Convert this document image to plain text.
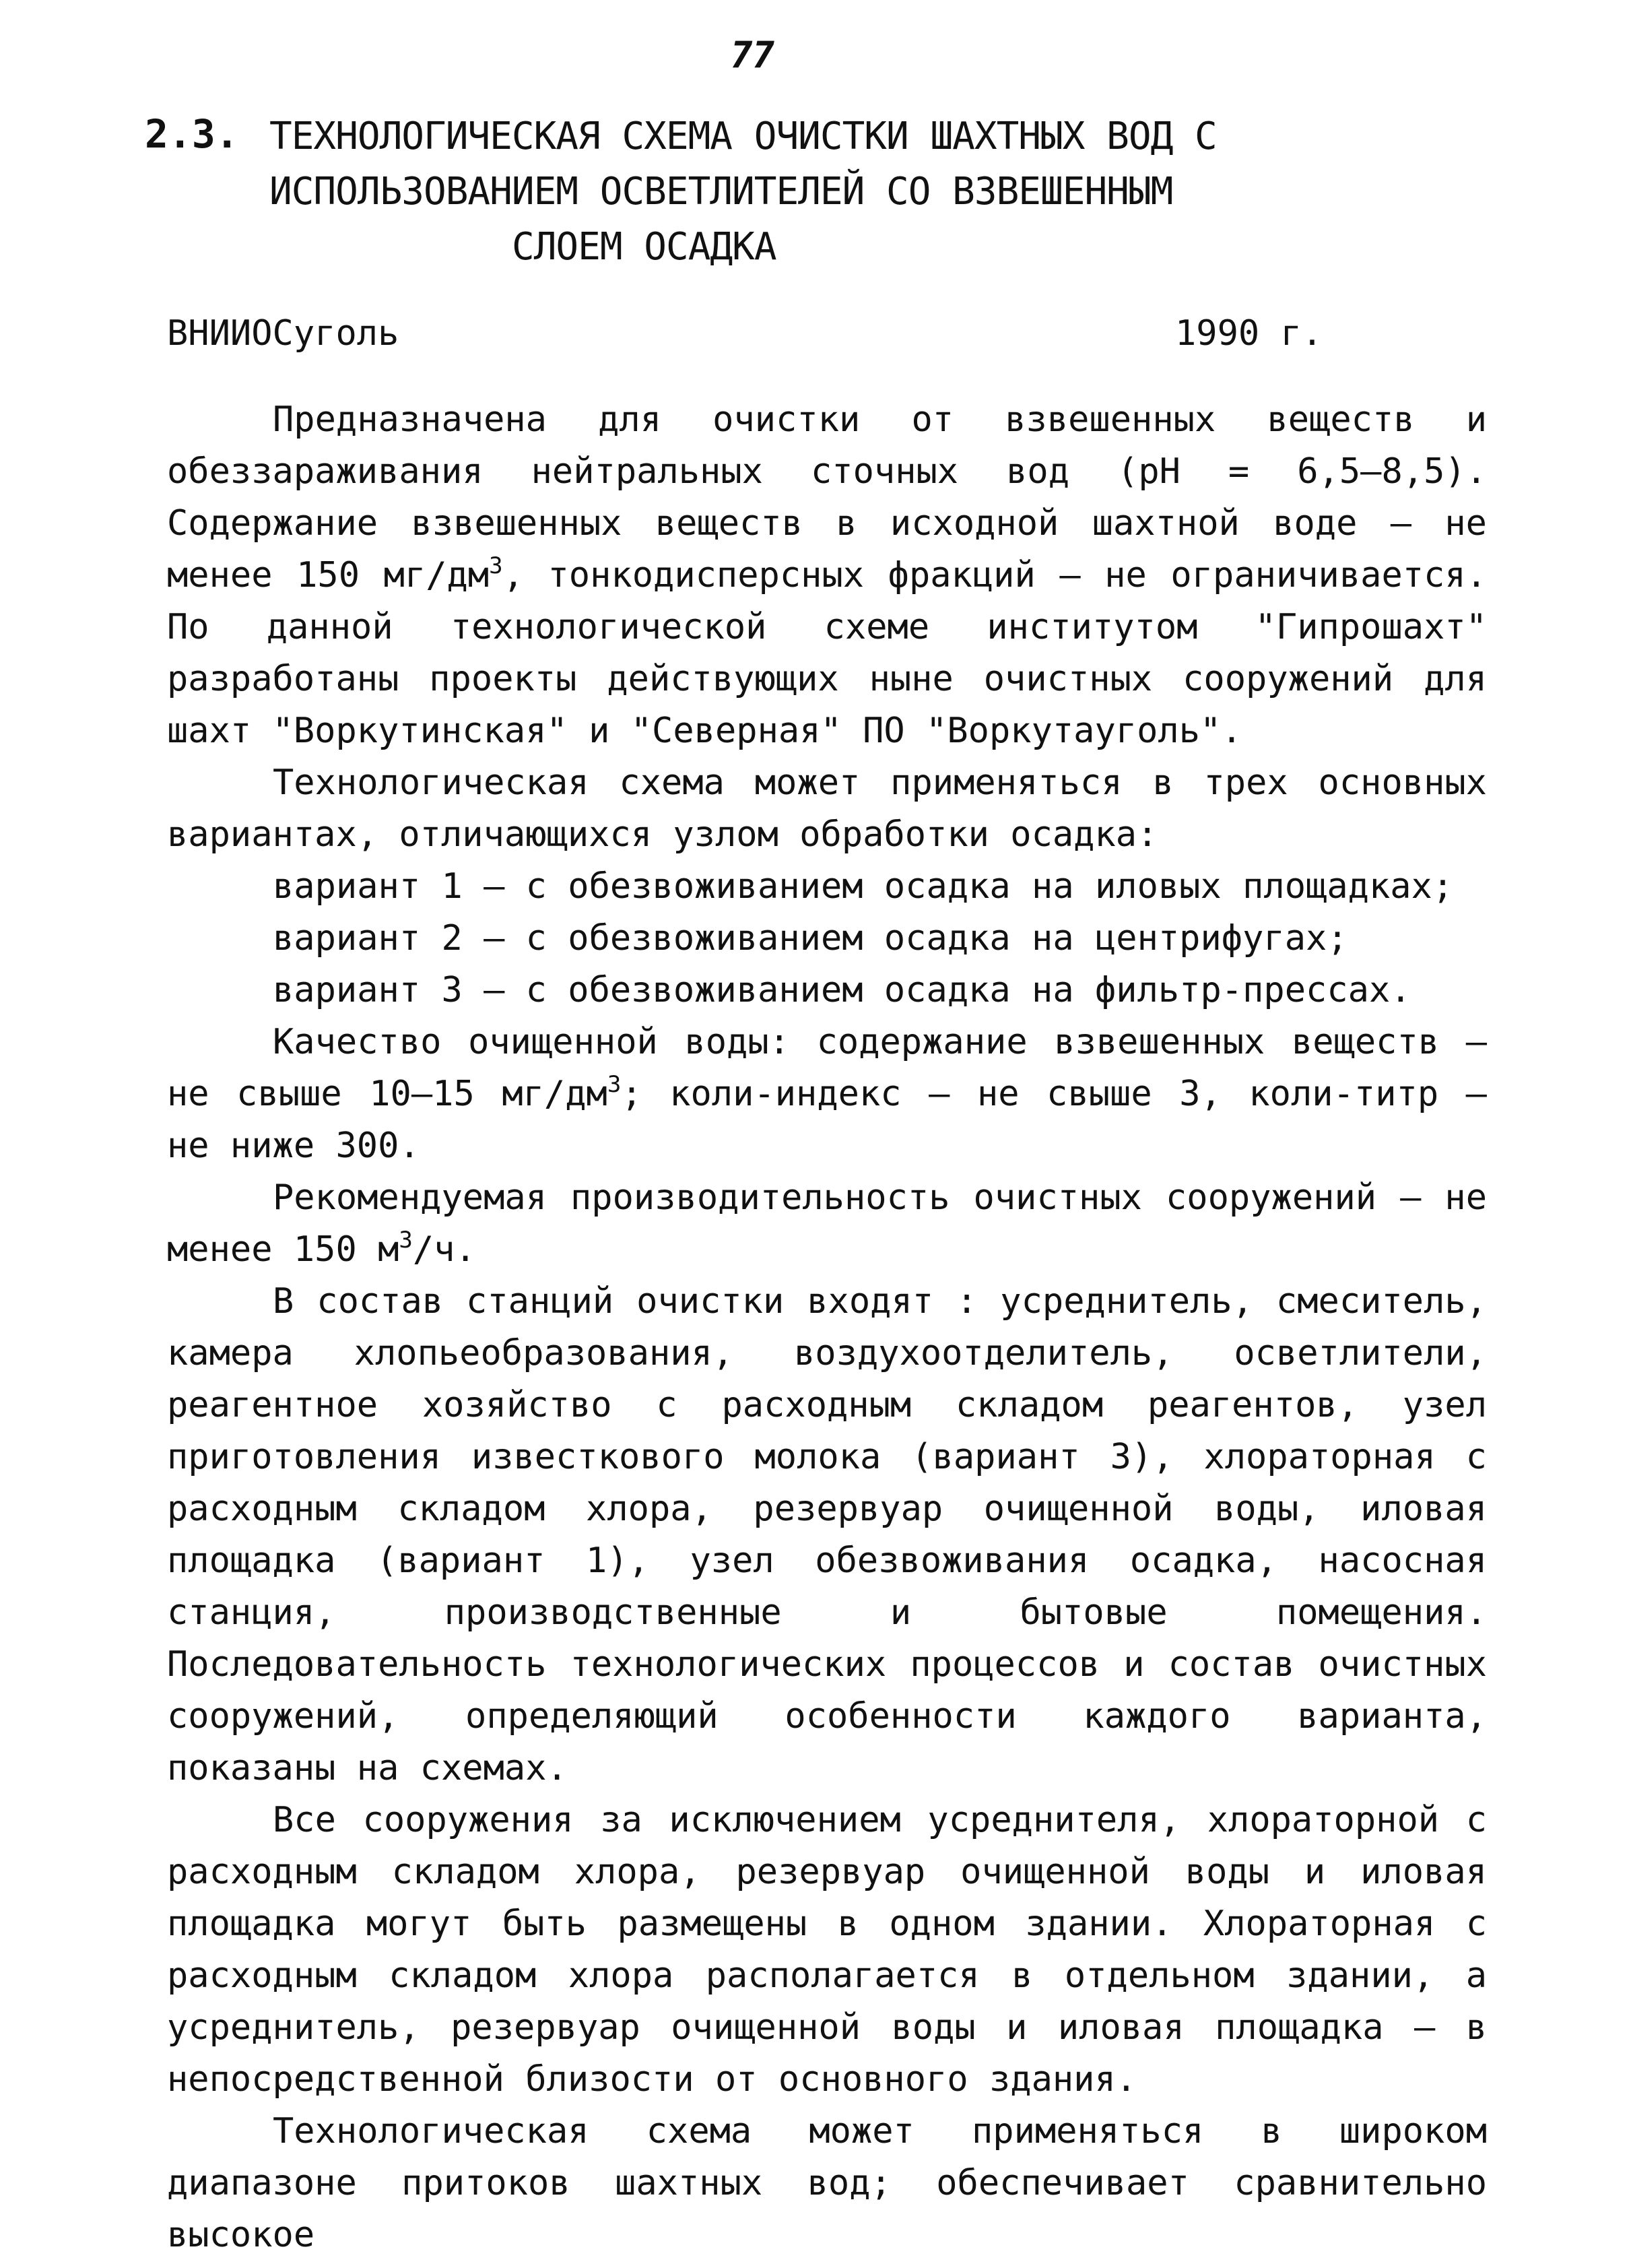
77
2.3. ТЕХНОЛОГИЧЕСКАЯ СХЕМА ОЧИСТКИ ШАХТНЫХ ВОД С
ИСПОЛЬЗОВАНИЕМ ОСВЕТЛИТЕЛЕЙ СО ВЗВЕШЕННЫМ
СЛОЕМ ОСАДКА
ВНИИОСуголь	1990 г.
Предназначена для очистки от взвешенных веществ и обеззараживания нейтральных сточных вод (рН = 6,5–8,5). Содержание взвешенных веществ в исходной шахтной воде – не менее 150 $мг/дм^3$, тонкодисперсных фракций – не ограничивается. По данной технологической схеме институтом "Гипрошахт" разработаны проекты действующих ныне очистных сооружений для шахт "Воркутинская" и "Северная" ПО "Воркутауголь".
Технологическая схема может применяться в трех основных вариантах, отличающихся узлом обработки осадка:
вариант 1 – с обезвоживанием осадка на иловых площадках;
вариант 2 – с обезвоживанием осадка на центрифугах;
вариант 3 – с обезвоживанием осадка на фильтр-прессах.
Качество очищенной воды: содержание взвешенных веществ – не свыше 10–15 $мг/дм^3$; коли-индекс – не свыше 3, коли-титр – не ниже 300.
Рекомендуемая производительность очистных сооружений – не менее 150 $м^3/ч$.
В состав станций очистки входят : усреднитель, смеситель, камера хлопьеобразования, воздухоотделитель, осветлители, реагентное хозяйство с расходным складом реагентов, узел приготовления известкового молока (вариант 3), хлораторная с расходным складом хлора, резервуар очищенной воды, иловая площадка (вариант 1), узел обезвоживания осадка, насосная станция, производственные и бытовые помещения. Последовательность технологических процессов и состав очистных сооружений, определяющий особенности каждого варианта, показаны на схемах.
Все сооружения за исключением усреднителя, хлораторной с расходным складом хлора, резервуар очищенной воды и иловая площадка могут быть размещены в одном здании. Хлораторная с расходным складом хлора располагается в отдельном здании, а усреднитель, резервуар очищенной воды и иловая площадка – в непосредственной близости от основного здания.
Технологическая схема может применяться в широком диапазоне притоков шахтных вод; обеспечивает сравнительно высокое
